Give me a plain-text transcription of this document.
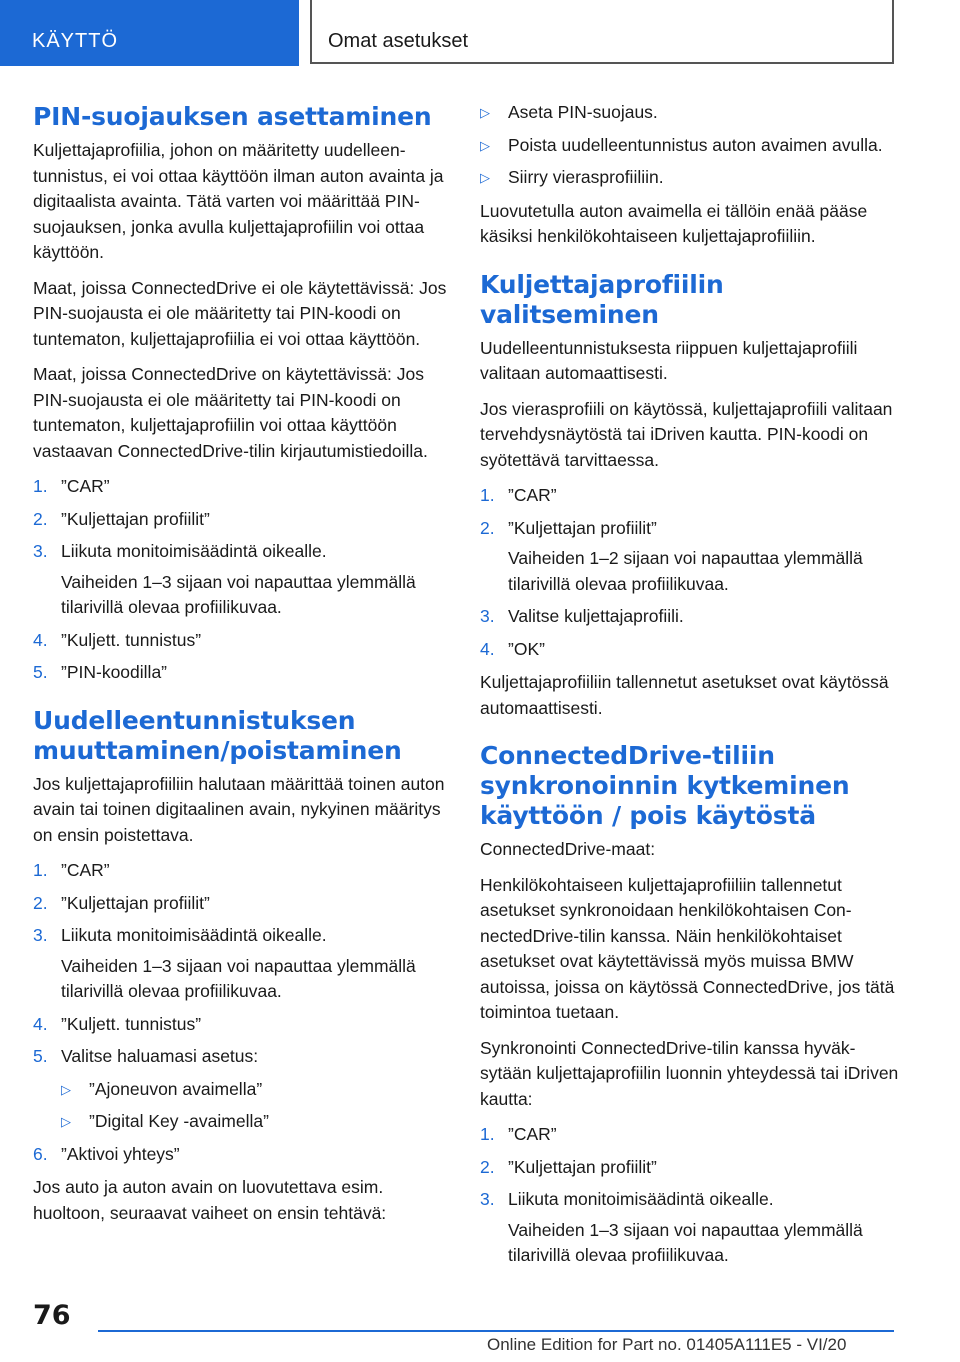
KÄYTTÖ	Omat asetukset
PIN-suojauksen asettaminen

Kuljettajaprofiilia, johon on määritetty uudelleentunnistus, ei voi ottaa käyttöön ilman auton avainta ja digitaalista avainta. Tätä varten voi määrittää PIN-suojauksen, jonka avulla kuljettajaprofiilin voi ottaa käyttöön.

Maat, joissa ConnectedDrive ei ole käytettävissä: Jos PIN-suojausta ei ole määritetty tai PIN-koodi on tuntematon, kuljettajaprofiilia ei voi ottaa käyttöön.

Maat, joissa ConnectedDrive on käytettävissä: Jos PIN-suojausta ei ole määritetty tai PIN-koodi on tuntematon, kuljettajaprofiilin voi ottaa käyttöön vastaavan ConnectedDrive-tilin kirjautumistiedoilla.

1. ”CAR”
2. ”Kuljettajan profiilit”
3. Liikuta monitoimisäädintä oikealle.
Vaiheiden 1–3 sijaan voi napauttaa ylemmällä tilarivillä olevaa profiilikuvaa.
4. ”Kuljett. tunnistus”
5. ”PIN-koodilla”
Uudelleentunnistuksen muuttaminen/poistaminen

Jos kuljettajaprofiiliin halutaan määrittää toinen auton avain tai toinen digitaalinen avain, nykyinen määritys on ensin poistettava.

1. ”CAR”
2. ”Kuljettajan profiilit”
3. Liikuta monitoimisäädintä oikealle.
Vaiheiden 1–3 sijaan voi napauttaa ylemmällä tilarivillä olevaa profiilikuvaa.
4. ”Kuljett. tunnistus”
5. Valitse haluamasi asetus:
▷ ”Ajoneuvon avaimella”
▷ ”Digital Key -avaimella”
6. ”Aktivoi yhteys”

Jos auto ja auton avain on luovutettava esim. huoltoon, seuraavat vaiheet on ensin tehtävä:

▷ Aseta PIN-suojaus.
▷ Poista uudelleentunnistus auton avaimen avulla.
▷ Siirry vierasprofiiliin.

Luovutetulla auton avaimella ei tällöin enää pääse käsiksi henkilökohtaiseen kuljettajaprofiiliin.

Kuljettajaprofiilin valitseminen

Uudelleentunnistuksesta riippuen kuljettajaprofiili valitaan automaattisesti.

Jos vierasprofiili on käytössä, kuljettajaprofiili valitaan tervehdysnäytöstä tai iDriven kautta. PIN-koodi on syötettävä tarvittaessa.

1. ”CAR”
2. ”Kuljettajan profiilit”
Vaiheiden 1–2 sijaan voi napauttaa ylemmällä tilarivillä olevaa profiilikuvaa.
3. Valitse kuljettajaprofiili.
4. ”OK”

Kuljettajaprofiiliin tallennetut asetukset ovat käytössä automaattisesti.

ConnectedDrive-tiliin synkronoinnin kytkeminen käyttöön / pois käytöstä

ConnectedDrive-maat:

Henkilökohtaiseen kuljettajaprofiiliin tallennetut asetukset synkronoidaan henkilökohtaisen ConnectedDrive-tilin kanssa. Näin henkilökohtaiset asetukset ovat käytettävissä myös muissa BMW autoissa, joissa on käytössä ConnectedDrive, jos tätä toimintoa tuetaan.

Synkronointi ConnectedDrive-tilin kanssa hyväksytään kuljettajaprofiilin luonnin yhteydessä tai iDriven kautta:

1. ”CAR”
2. ”Kuljettajan profiilit”
3. Liikuta monitoimisäädintä oikealle.
Vaiheiden 1–3 sijaan voi napauttaa ylemmällä tilarivillä olevaa profiilikuvaa.
76
Online Edition for Part no. 01405A111E5 - VI/20
